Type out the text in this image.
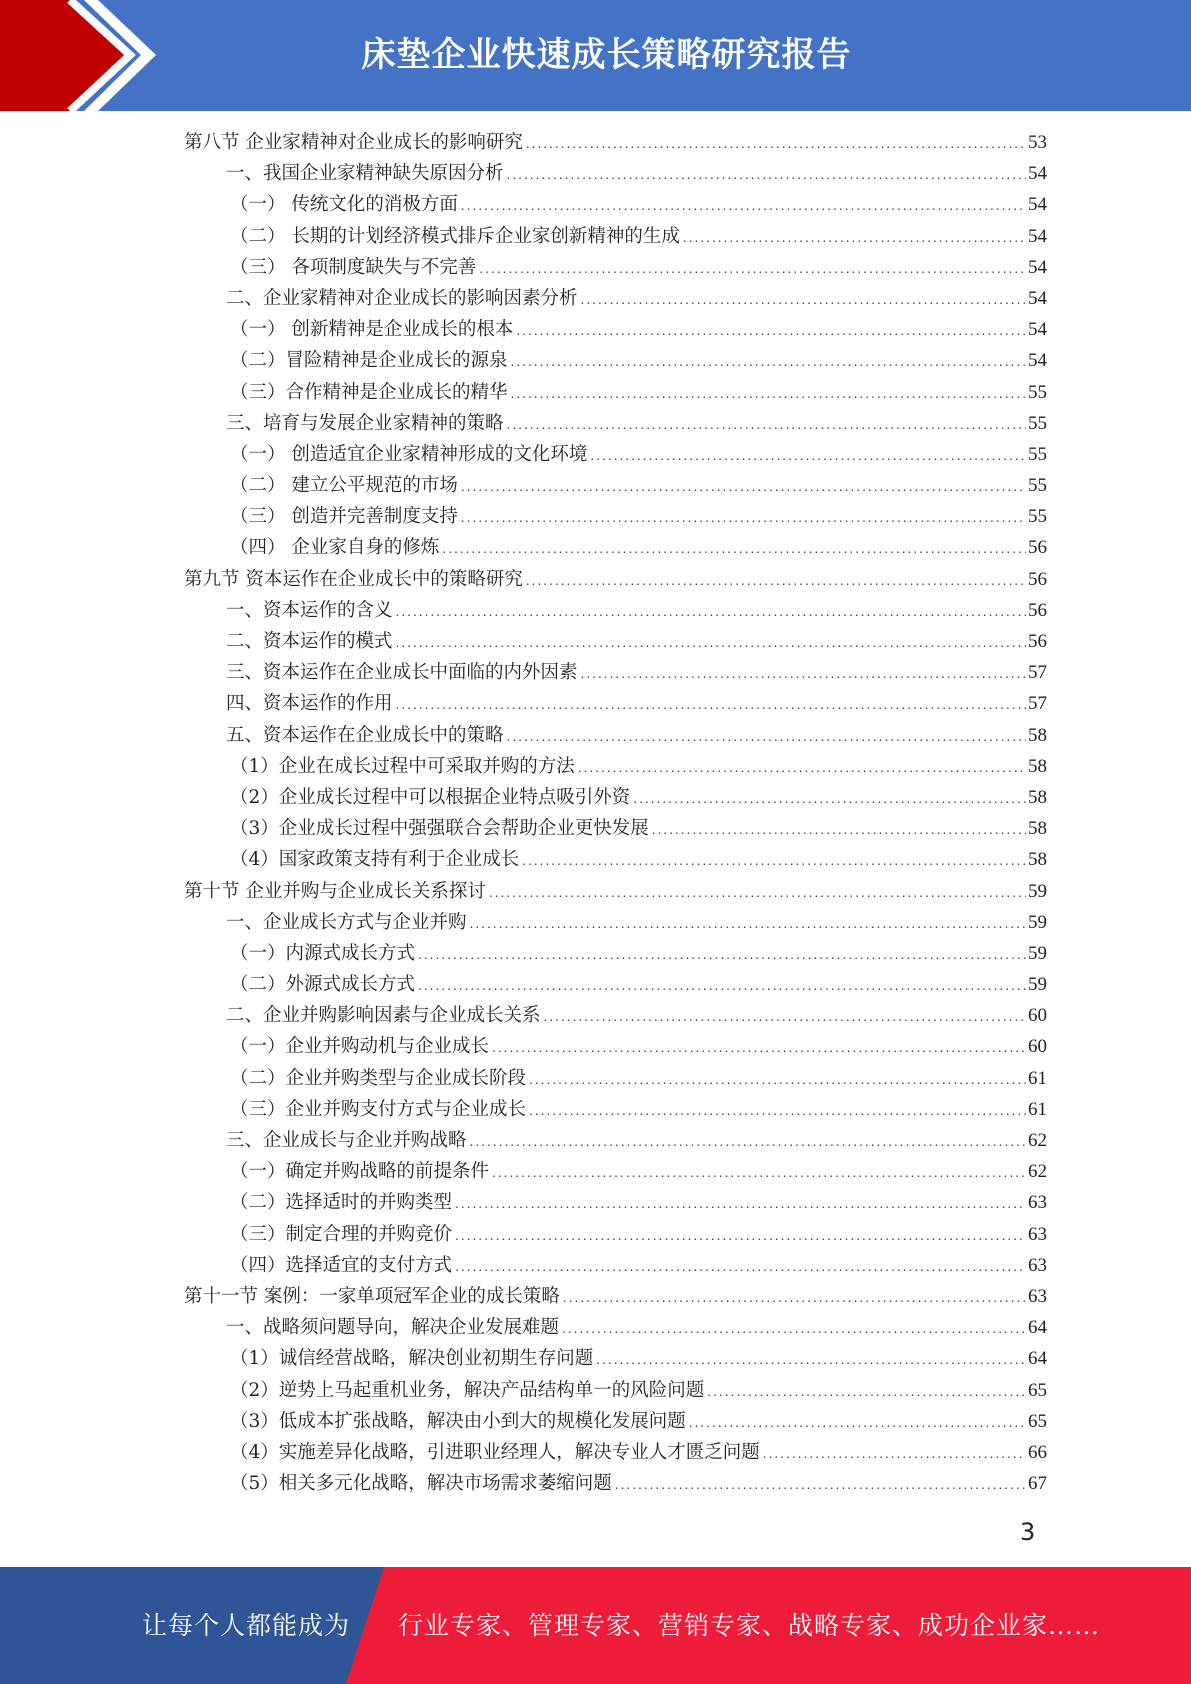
床垫企业快速成长策略研究报告
第八节 企业家精神对企业成长的影响研究 .....	53
一、我国企业家精神缺失原因分析 .....	54
（一） 传统文化的消极方面 .....	54
（二） 长期的计划经济模式排斥企业家创新精神的生成 .....	54
（三） 各项制度缺失与不完善 .....	54
二、企业家精神对企业成长的影响因素分析 .....	54
（一） 创新精神是企业成长的根本 .....	54
（二）冒险精神是企业成长的源泉 .....	54
（三）合作精神是企业成长的精华 .....	55
三、培育与发展企业家精神的策略 .....	55
（一） 创造适宜企业家精神形成的文化环境 .....	55
（二） 建立公平规范的市场 .....	55
（三） 创造并完善制度支持 .....	55
（四） 企业家自身的修炼 .....	56
第九节 资本运作在企业成长中的策略研究 .....	56
一、资本运作的含义 .....	56
二、资本运作的模式 .....	56
三、资本运作在企业成长中面临的内外因素 .....	57
四、资本运作的作用 .....	57
五、资本运作在企业成长中的策略 .....	58
（1）企业在成长过程中可采取并购的方法 .....	58
（2）企业成长过程中可以根据企业特点吸引外资 .....	58
（3）企业成长过程中强强联合会帮助企业更快发展 .....	58
（4）国家政策支持有利于企业成长 .....	58
第十节 企业并购与企业成长关系探讨 .....	59
一、企业成长方式与企业并购 .....	59
（一）内源式成长方式 .....	59
（二）外源式成长方式 .....	59
二、企业并购影响因素与企业成长关系 .....	60
（一）企业并购动机与企业成长 .....	60
（二）企业并购类型与企业成长阶段 .....	61
（三）企业并购支付方式与企业成长 .....	61
三、企业成长与企业并购战略 .....	62
（一）确定并购战略的前提条件 .....	62
（二）选择适时的并购类型 .....	63
（三）制定合理的并购竞价 .....	63
（四）选择适宜的支付方式 .....	63
第十一节 案例：一家单项冠军企业的成长策略 .....	63
一、战略须问题导向，解决企业发展难题 .....	64
（1）诚信经营战略，解决创业初期生存问题 .....	64
（2）逆势上马起重机业务，解决产品结构单一的风险问题 .....	65
（3）低成本扩张战略，解决由小到大的规模化发展问题 .....	65
（4）实施差异化战略，引进职业经理人，解决专业人才匮乏问题 .....	66
（5）相关多元化战略，解决市场需求萎缩问题 .....	67
3
让每个人都能成为 行业专家、管理专家、营销专家、战略专家、成功企业家……
